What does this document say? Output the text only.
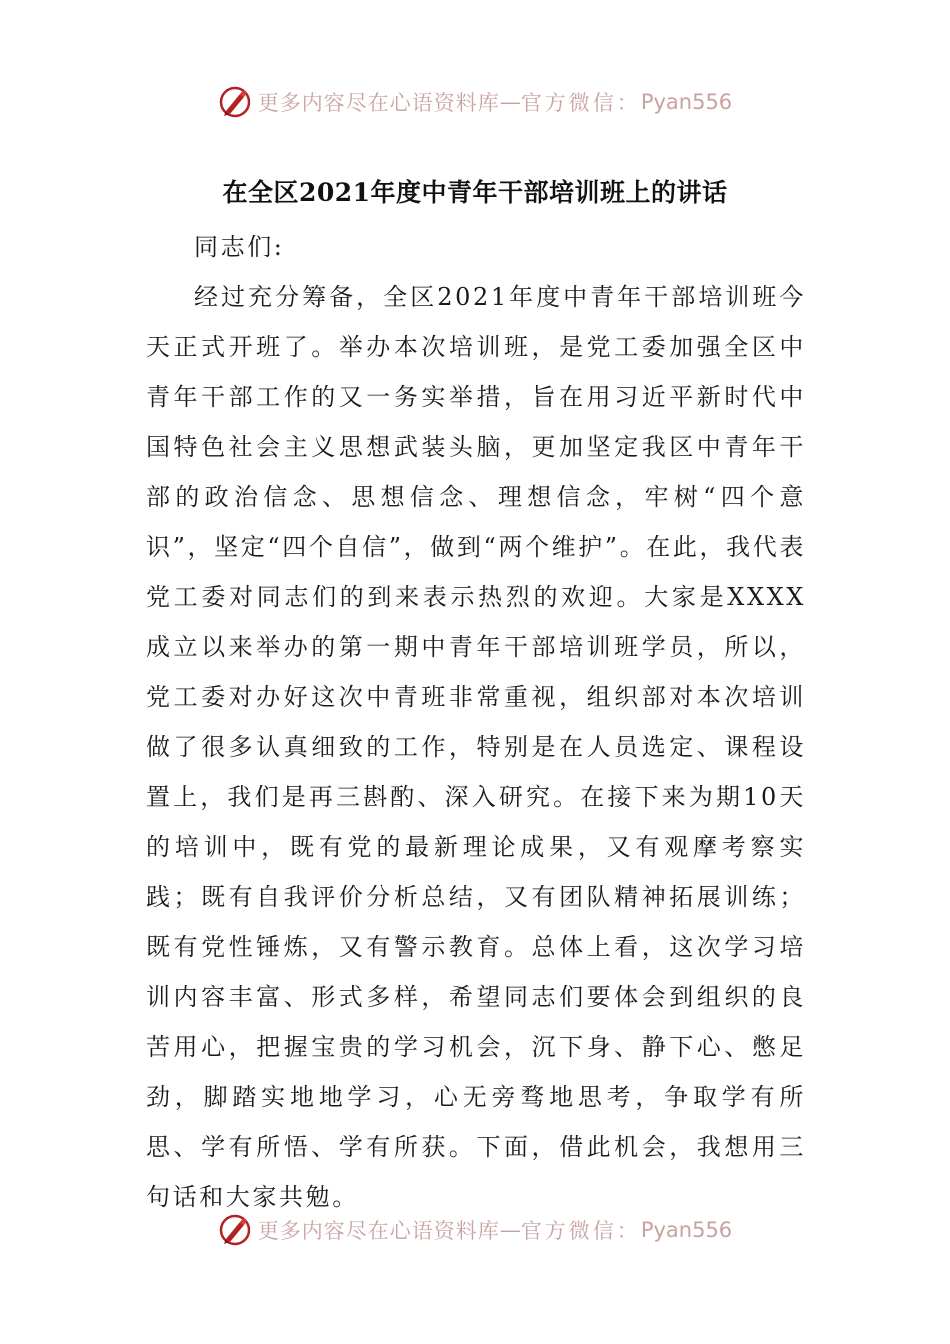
更多内容尽在心语资料库 — 官方微信： Pyan556
在全区2021年度中青年干部培训班上的讲话

同志们:

经过充分筹备，全区2021年度中青年干部培训班今天正式开班了。举办本次培训班，是党工委加强全区中青年干部工作的又一务实举措，旨在用习近平新时代中国特色社会主义思想武装头脑，更加坚定我区中青年干部的政治信念、思想信念、理想信念，牢树“四个意识”，坚定“四个自信”，做到“两个维护”。在此，我代表党工委对同志们的到来表示热烈的欢迎。大家是XXXX成立以来举办的第一期中青年干部培训班学员，所以，党工委对办好这次中青班非常重视，组织部对本次培训做了很多认真细致的工作，特别是在人员选定、课程设置上，我们是再三斟酌、深入研究。在接下来为期10天的培训中，既有党的最新理论成果，又有观摩考察实践；既有自我评价分析总结，又有团队精神拓展训练；既有党性锤炼，又有警示教育。总体上看，这次学习培训内容丰富、形式多样，希望同志们要体会到组织的良苦用心，把握宝贵的学习机会，沉下身、静下心、憋足劲，脚踏实地地学习，心无旁骛地思考，争取学有所思、学有所悟、学有所获。下面，借此机会，我想用三句话和大家共勉。

更多内容尽在心语资料库 — 官方微信： Pyan556
